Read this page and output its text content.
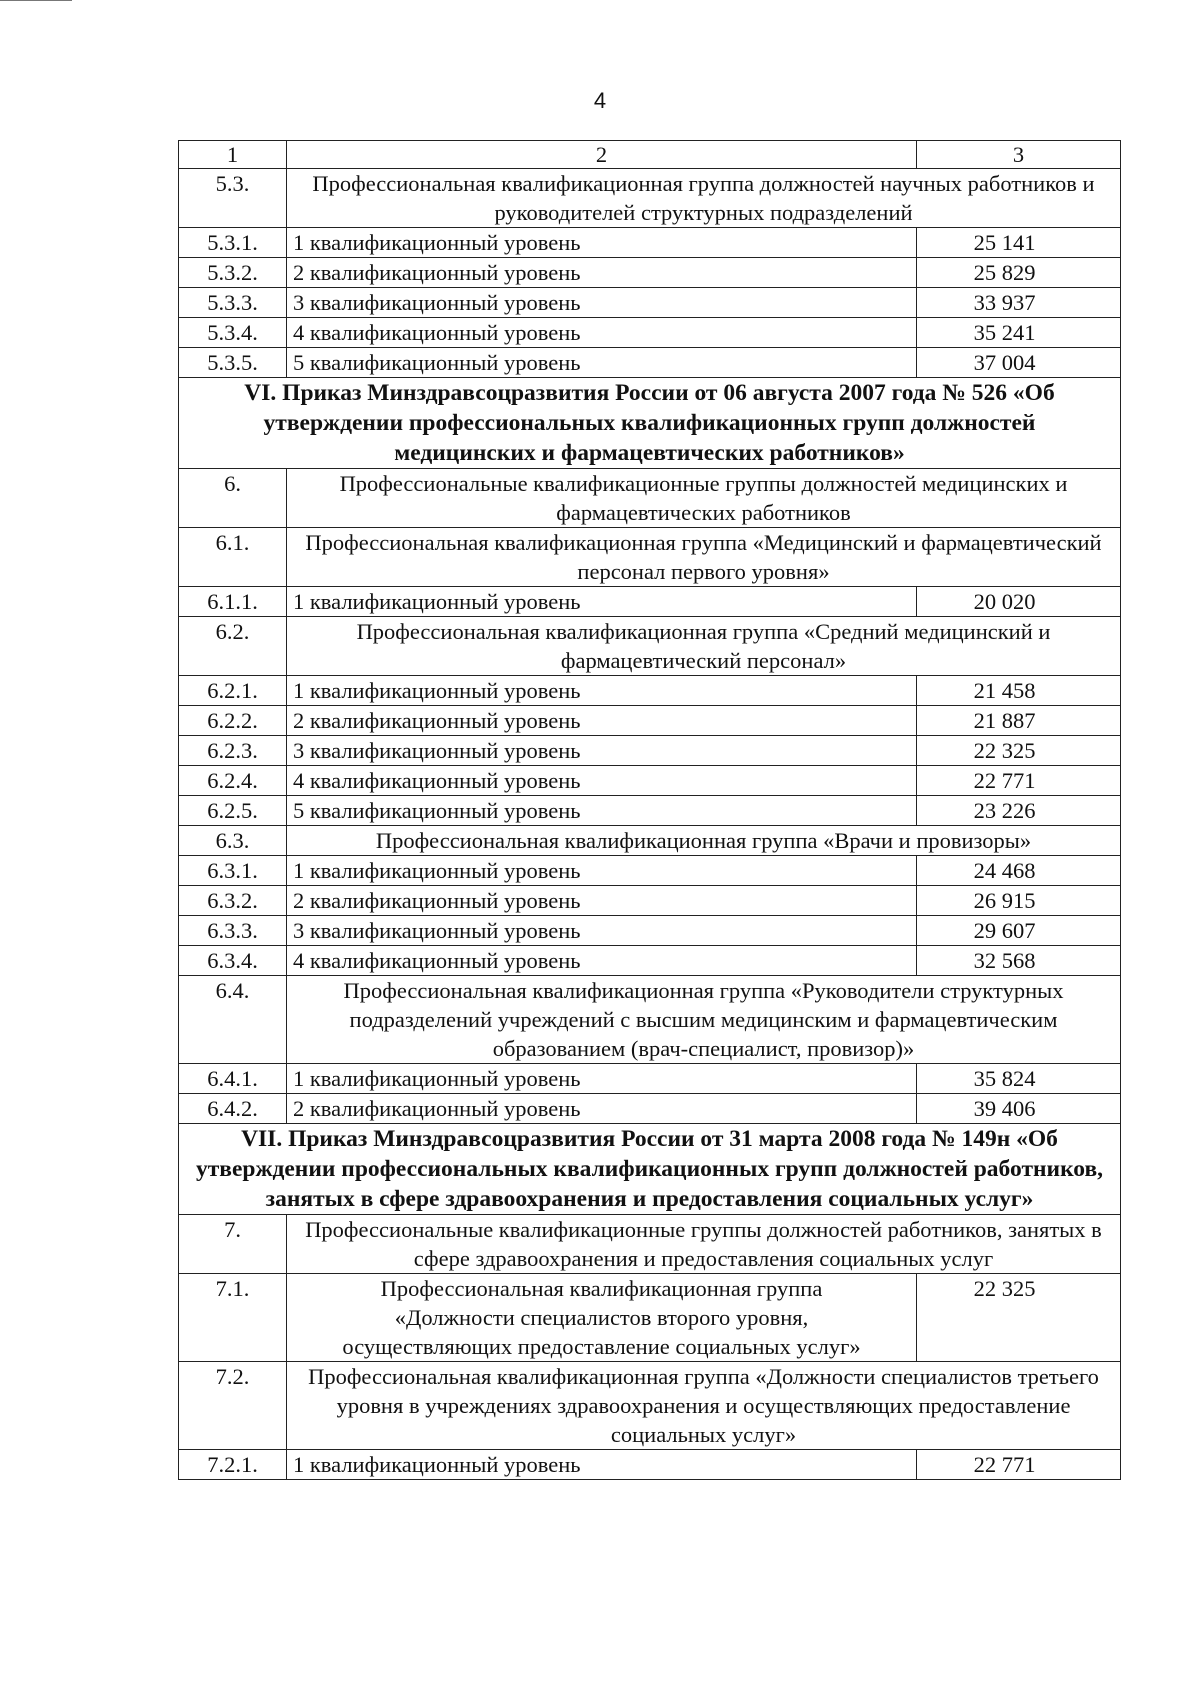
4
1	2	3
5.3.	Профессиональная квалификационная группа должностей научных работников и руководителей структурных подразделений	
5.3.1.	1 квалификационный уровень	25 141
5.3.2.	2 квалификационный уровень	25 829
5.3.3.	3 квалификационный уровень	33 937
5.3.4.	4 квалификационный уровень	35 241
5.3.5.	5 квалификационный уровень	37 004
VI. Приказ Минздравсоцразвития России от 06 августа 2007 года № 526 «Об утверждении профессиональных квалификационных групп должностей медицинских и фармацевтических работников»		
6.	Профессиональные квалификационные группы должностей медицинских и фармацевтических работников	
6.1.	Профессиональная квалификационная группа «Медицинский и фармацевтический персонал первого уровня»	
6.1.1.	1 квалификационный уровень	20 020
6.2.	Профессиональная квалификационная группа «Средний медицинский и фармацевтический персонал»	
6.2.1.	1 квалификационный уровень	21 458
6.2.2.	2 квалификационный уровень	21 887
6.2.3.	3 квалификационный уровень	22 325
6.2.4.	4 квалификационный уровень	22 771
6.2.5.	5 квалификационный уровень	23 226
6.3.	Профессиональная квалификационная группа «Врачи и провизоры»	
6.3.1.	1 квалификационный уровень	24 468
6.3.2.	2 квалификационный уровень	26 915
6.3.3.	3 квалификационный уровень	29 607
6.3.4.	4 квалификационный уровень	32 568
6.4.	Профессиональная квалификационная группа «Руководители структурных подразделений учреждений с высшим медицинским и фармацевтическим образованием (врач-специалист, провизор)»	
6.4.1.	1 квалификационный уровень	35 824
6.4.2.	2 квалификационный уровень	39 406
VII. Приказ Минздравсоцразвития России от 31 марта 2008 года № 149н «Об утверждении профессиональных квалификационных групп должностей работников, занятых в сфере здравоохранения и предоставления социальных услуг»		
7.	Профессиональные квалификационные группы должностей работников, занятых в сфере здравоохранения и предоставления социальных услуг	
7.1.	Профессиональная квалификационная группа «Должности специалистов второго уровня, осуществляющих предоставление социальных услуг»	22 325
7.2.	Профессиональная квалификационная группа «Должности специалистов третьего уровня в учреждениях здравоохранения и осуществляющих предоставление социальных услуг»	
7.2.1.	1 квалификационный уровень	22 771
